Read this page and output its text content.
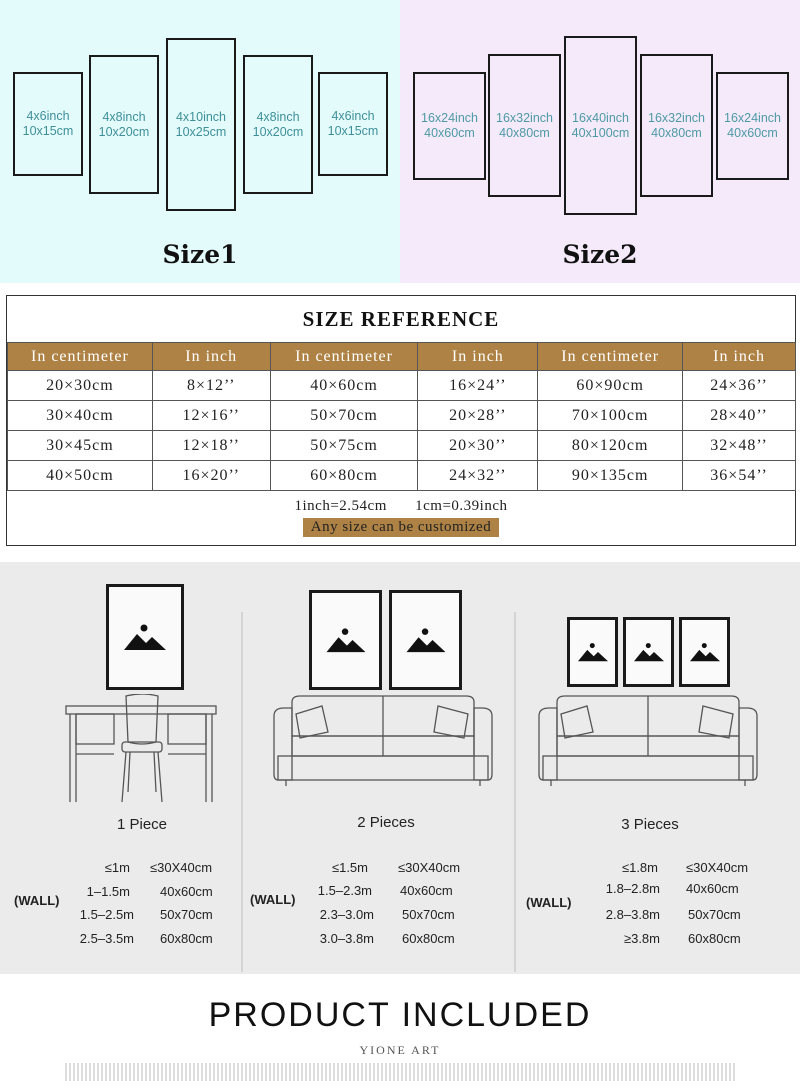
4x6inch
10x15cm
4x8inch
10x20cm
4x10inch
10x25cm
4x8inch
10x20cm
4x6inch
10x15cm
Size1
16x24inch
40x60cm
16x32inch
40x80cm
16x40inch
40x100cm
16x32inch
40x80cm
16x24inch
40x60cm
Size2
SIZE REFERENCE
In centimeter	In inch	In centimeter	In inch	In centimeter	In inch
20×30cm	8×12’’	40×60cm	16×24’’	60×90cm	24×36’’
30×40cm	12×16’’	50×70cm	20×28’’	70×100cm	28×40’’
30×45cm	12×18’’	50×75cm	20×30’’	80×120cm	32×48’’
40×50cm	16×20’’	60×80cm	24×32’’	90×135cm	36×54’’
1inch=2.54cm 1cm=0.39inch
Any size can be customized
1 Piece
(WALL)
≤1m ≤30X40cm
1–1.5m 40x60cm
1.5–2.5m 50x70cm
2.5–3.5m 60x80cm
2 Pieces
(WALL)
≤1.5m ≤30X40cm
1.5–2.3m 40x60cm
2.3–3.0m 50x70cm
3.0–3.8m 60x80cm
3 Pieces
(WALL)
≤1.8m ≤30X40cm
1.8–2.8m 40x60cm
2.8–3.8m 50x70cm
≥3.8m 60x80cm
PRODUCT INCLUDED
YIONE ART
